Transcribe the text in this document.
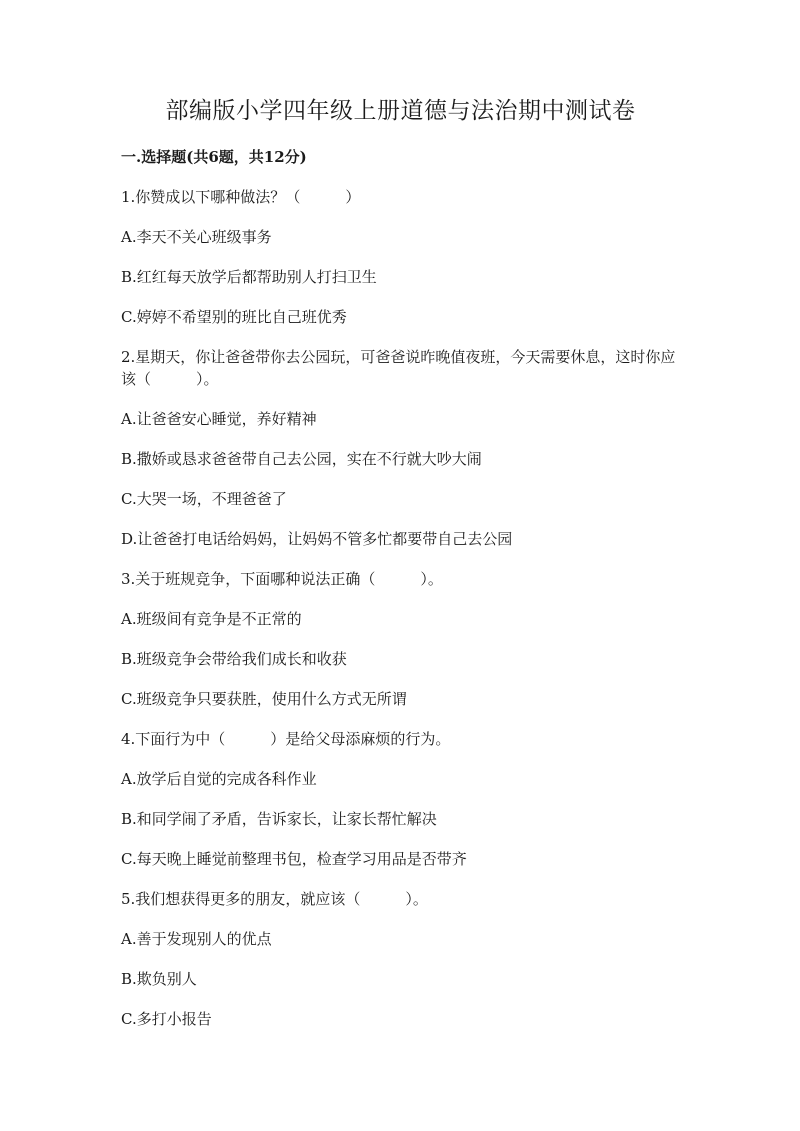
部编版小学四年级上册道德与法治期中测试卷
一.选择题(共6题，共12分)

1.你赞成以下哪种做法？（　　　）

A.李天不关心班级事务

B.红红每天放学后都帮助别人打扫卫生

C.婷婷不希望别的班比自己班优秀

2.星期天，你让爸爸带你去公园玩，可爸爸说昨晚值夜班，今天需要休息，这时你应该（　　　）。

A.让爸爸安心睡觉，养好精神

B.撒娇或恳求爸爸带自己去公园，实在不行就大吵大闹

C.大哭一场，不理爸爸了

D.让爸爸打电话给妈妈，让妈妈不管多忙都要带自己去公园

3.关于班规竞争，下面哪种说法正确（　　　）。

A.班级间有竞争是不正常的

B.班级竞争会带给我们成长和收获

C.班级竞争只要获胜，使用什么方式无所谓

4.下面行为中（　　　）是给父母添麻烦的行为。

A.放学后自觉的完成各科作业

B.和同学闹了矛盾，告诉家长，让家长帮忙解决

C.每天晚上睡觉前整理书包，检查学习用品是否带齐

5.我们想获得更多的朋友，就应该（　　　）。

A.善于发现别人的优点

B.欺负别人

C.多打小报告
